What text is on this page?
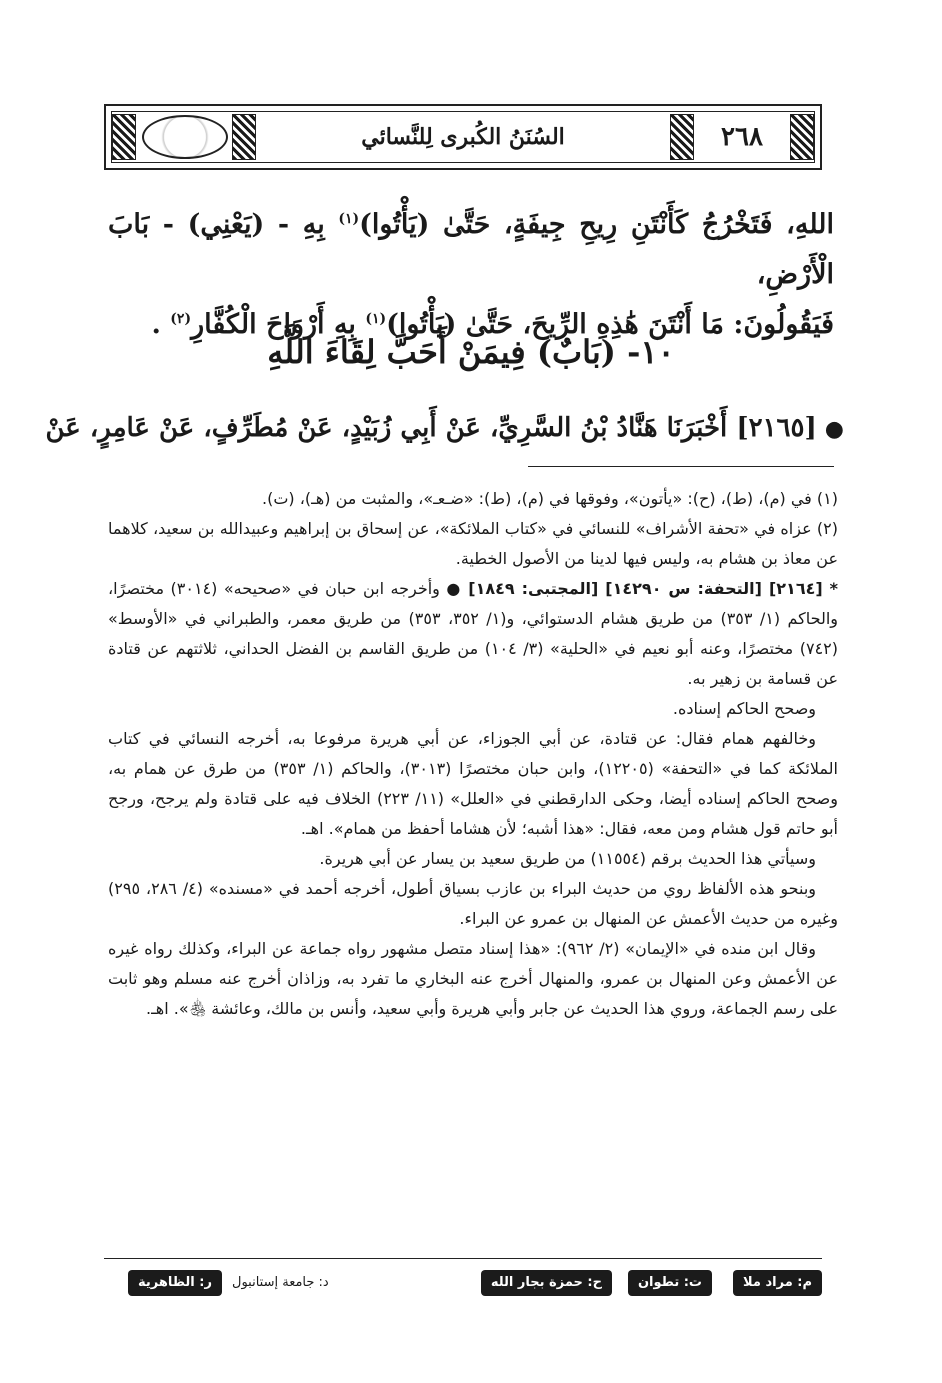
٢٦٨
السُنَنُ الكُبرى لِلنَّسائي

اللهِ، فَتَخْرُجُ كَأَنْتَنِ رِيحِ جِيفَةٍ، حَتَّىٰ (يَأْتُوا)$^{(١)}$ بِهِ - (يَعْنِي) - بَابَ الْأَرْضِ،

فَيَقُولُونَ: مَا أَنْتَنَ هَٰذِهِ الرِّيحَ، حَتَّىٰ (يَأْتُوا)$^{(١)}$ بِهِ أَرْوَاحَ الْكُفَّارِ$^{(٢)}$ .

١٠- (بَابٌ) فِيمَنْ أَحَبَّ لِقَاءَ اللَّهِ
●[٢١٦٥] أَخْبَرَنَا هَنَّادُ بْنُ السَّرِيِّ، عَنْ أَبِي زُبَيْدٍ، عَنْ مُطَرِّفٍ، عَنْ عَامِرٍ، عَنْ

(١) في (م)، (ط)، (ح): «يأتون»، وفوقها في (م)، (ط): «ضـعـ»، والمثبت من (هـ)، (ت).

(٢) عزاه في «تحفة الأشراف» للنسائي في «كتاب الملائكة»، عن إسحاق بن إبراهيم وعبيدالله بن سعيد، كلاهما عن معاذ بن هشام به، وليس فيها لدينا من الأصول الخطية.

* [٢١٦٤] [التحفة: س ١٤٢٩٠] [المجتبى: ١٨٤٩] ● وأخرجه ابن حبان في «صحيحه» (٣٠١٤) مختصرًا، والحاكم (١/ ٣٥٣) من طريق هشام الدستوائي، و(١/ ٣٥٢، ٣٥٣) من طريق معمر، والطبراني في «الأوسط» (٧٤٢) مختصرًا، وعنه أبو نعيم في «الحلية» (٣/ ١٠٤) من طريق القاسم بن الفضل الحداني، ثلاثتهم عن قتادة عن قسامة بن زهير به.

وصحح الحاكم إسناده.

وخالفهم همام فقال: عن قتادة، عن أبي الجوزاء، عن أبي هريرة مرفوعا به، أخرجه النسائي في كتاب الملائكة كما في «التحفة» (١٢٢٠٥)، وابن حبان مختصرًا (٣٠١٣)، والحاكم (١/ ٣٥٣) من طرق عن همام به، وصحح الحاكم إسناده أيضا، وحكى الدارقطني في «العلل» (١١/ ٢٢٣) الخلاف فيه على قتادة ولم يرجح، ورجح أبو حاتم قول هشام ومن معه، فقال: «هذا أشبه؛ لأن هشاما أحفظ من همام». اهـ.

وسيأتي هذا الحديث برقم (١١٥٥٤) من طريق سعيد بن يسار عن أبي هريرة.

وبنحو هذه الألفاظ روي من حديث البراء بن عازب بسياق أطول، أخرجه أحمد في «مسنده» (٤/ ٢٨٦، ٢٩٥) وغيره من حديث الأعمش عن المنهال بن عمرو عن البراء.

وقال ابن منده في «الإيمان» (٢/ ٩٦٢): «هذا إسناد متصل مشهور رواه جماعة عن البراء، وكذلك رواه غيره عن الأعمش وعن المنهال بن عمرو، والمنهال أخرج عنه البخاري ما تفرد به، وزاذان أخرج عنه مسلم وهو ثابت على رسم الجماعة، وروي هذا الحديث عن جابر وأبي هريرة وأبي سعيد، وأنس بن مالك، وعائشة ﵃». اهـ.

م: مراد ملا
ت: تطوان
ح: حمزة بجار الله
د: جامعة إستانبول
ر: الظاهرية
